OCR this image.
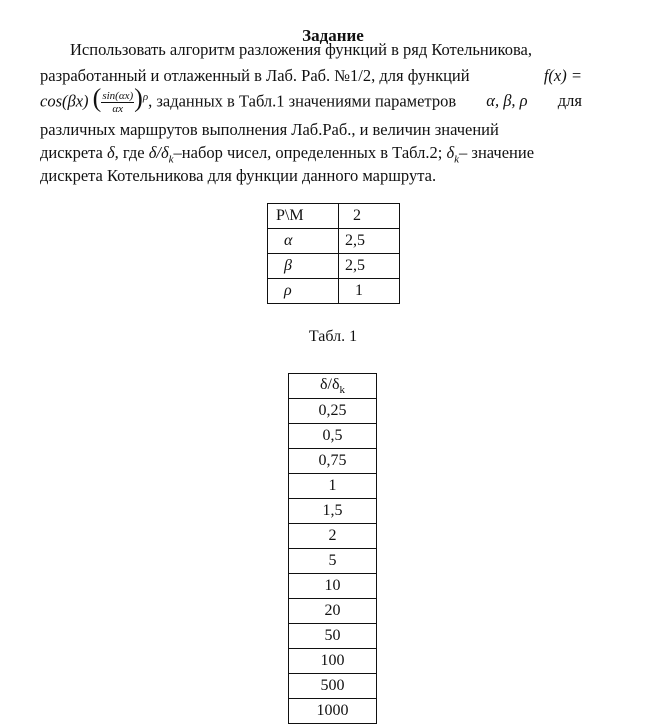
Задание
Использовать алгоритм разложения функций в ряд Котельникова,
разработанный и отлаженный в Лаб. Раб. №1/2, для функций	f(x) =
cos(βx) ( $\frac{\sin(\alpha x)}{\alpha x} )^\rho$, заданных в Табл.1 значениями параметров α, β, ρ для
различных маршрутов выполнения Лаб.Раб., и величин значений
дискрета δ, где $\delta/\delta_k$–набор чисел, определенных в Табл.2; $\delta_k-$ значение
дискрета Котельникова для функции данного маршрута.
Р\М	2
α	2,5
β	2,5
ρ	1
Табл. 1
$\delta/\delta_k$
0,25
0,5
0,75
1
1,5
2
5
10
20
50
100
500
1000
